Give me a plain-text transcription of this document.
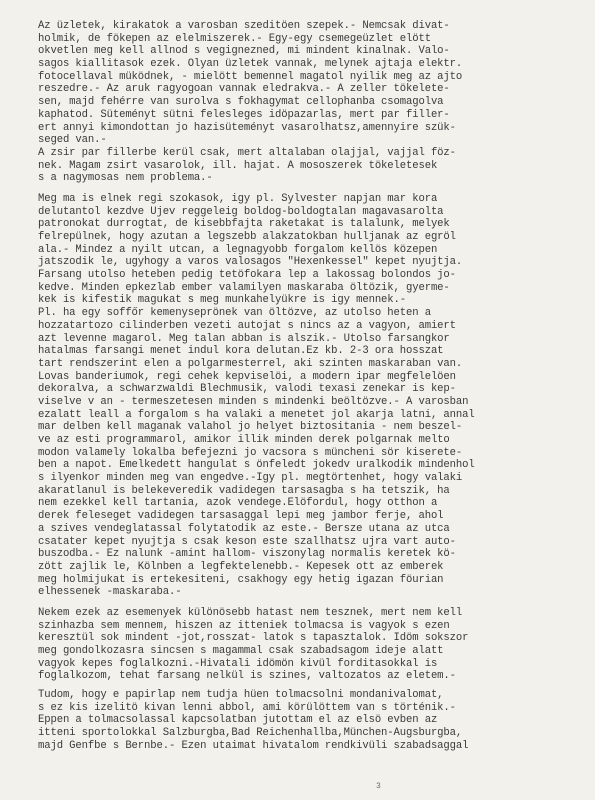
Az üzletek, kirakatok a varosban szeditöen szepek.- Nemcsak divat-
holmik, de fökepen az elelmiszerek.- Egy-egy csemegeüzlet elött
okvetlen meg kell allnod s vegignezned, mi mindent kinalnak. Valo-
sagos kiallitasok ezek. Olyan üzletek vannak, melynek ajtaja elektr.
fotocellaval müködnek, - mielött bemennel magatol nyilik meg az ajto
reszedre.- Az aruk ragyogoan vannak eledrakva.- A zeller tökelete-
sen, majd fehérre van surolva s fokhagymat cellophanba csomagolva
kaphatod. Süteményt sütni felesleges idöpazarlas, mert par filler-
ert annyi kimondottan jo hazisüteményt vasarolhatsz,amennyire szük-
seged van.-
A zsir par fillerbe kerül csak, mert altalaban olajjal, vajjal föz-
nek. Magam zsirt vasarolok, ill. hajat. A mososzerek tökeletesek
s a nagymosas nem problema.-
Meg ma is elnek regi szokasok, igy pl. Sylvester napjan mar kora
delutantol kezdve Ujev reggeleig boldog-boldogtalan magavasarolta
patronokat durrogtat, de kisebbfajta raketakat is talalunk, melyek
felrepülnek, hogy azutan a legszebb alakzatokban hulljanak az egröl
ala.- Mindez a nyilt utcan, a legnagyobb forgalom kellös közepen
jatszodik le, ugyhogy a varos valosagos "Hexenkessel" kepet nyujtja.
Farsang utolso heteben pedig tetöfokara lep a lakossag bolondos jo-
kedve. Minden epkezlab ember valamilyen maskaraba öltözik, gyerme-
kek is kifestik magukat s meg munkahelyükre is igy mennek.-
Pl. ha egy soffőr kemenyseprönek van öltözve, az utolso heten a
hozzatartozo cilinderben vezeti autojat s nincs az a vagyon, amiert
azt levenne magarol. Meg talan abban is alszik.- Utolso farsangkor
hatalmas farsangi menet indul kora delutan.Ez kb. 2-3 ora hosszat
tart rendszerint elen a polgarmesterrel, aki szinten maskaraban van.
Lovas banderiumok, regi cehek kepviselöi, a modern ipar megfelelöen
dekoralva, a schwarzwaldi Blechmusik, valodi texasi zenekar is kep-
viselve v an - termeszetesen minden s mindenki beöltözve.- A varosban
ezalatt leall a forgalom s ha valaki a menetet jol akarja latni, annal
mar delben kell maganak valahol jo helyet biztositania - nem beszel-
ve az esti programmarol, amikor illik minden derek polgarnak melto
modon valamely lokalba befejezni jo vacsora s müncheni sör kiserete-
ben a napot. Emelkedett hangulat s önfeledt jokedv uralkodik mindenhol
s ilyenkor minden meg van engedve.-Igy pl. megtörtenhet, hogy valaki
akaratlanul is belekeveredik vadidegen tarsasagba s ha tetszik, ha
nem ezekkel kell tartania, azok vendege.Elöfordul, hogy otthon a
derek feleseget vadidegen tarsasaggal lepi meg jambor ferje, ahol
a szives vendeglatassal folytatodik az este.- Bersze utana az utca
csatater kepet nyujtja s csak keson este szallhatsz ujra vart auto-
buszodba.- Ez nalunk -amint hallom- viszonylag normalis keretek kö-
zött zajlik le, Kölnben a legfektelenebb.- Kepesek ott az emberek
meg holmijukat is ertekesiteni, csakhogy egy hetig igazan föurian
elhessenek -maskaraba.-
Nekem ezek az esemenyek különösebb hatast nem tesznek, mert nem kell
szinhazba sem mennem, hiszen az itteniek tolmacsa is vagyok s ezen
keresztül sok mindent -jot,rosszat- latok s tapasztalok. Idöm sokszor
meg gondolkozasra sincsen s magammal csak szabadsagom ideje alatt
vagyok kepes foglalkozni.-Hivatali idömön kivül forditasokkal is
foglalkozom, tehat farsang nelkül is szines, valtozatos az eletem.-
Tudom, hogy e papirlap nem tudja hüen tolmacsolni mondanivalomat,
s ez kis izelitö kivan lenni abbol, ami körülöttem van s történik.-
Eppen a tolmacsolassal kapcsolatban jutottam el az elsö evben az
itteni sportolokkal Salzburgba,Bad Reichenhallba,München-Augsburgba,
majd Genfbe s Bernbe.- Ezen utaimat hivatalom rendkivüli szabadsaggal
3
